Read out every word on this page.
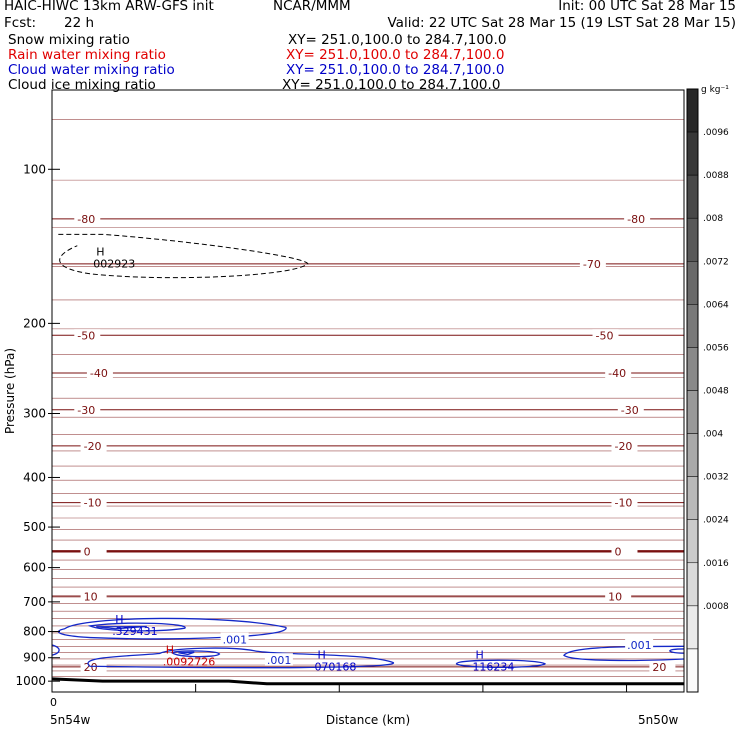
HAIC-HIWC 13km ARW-GFS init	NCAR/MMM	Init: 00 UTC Sat 28 Mar 15
Fcst: 22 h	Valid: 22 UTC Sat 28 Mar 15 (19 LST Sat 28 Mar 15)
Snow mixing ratio	XY= 251.0,100.0 to 284.7,100.0
Rain water mixing ratio	XY= 251.0,100.0 to 284.7,100.0
Cloud water mixing ratio	XY= 251.0,100.0 to 284.7,100.0
Cloud ice mixing ratio	XY= 251.0,100.0 to 284.7,100.0
-80	-80
-70
-50	-50
-40	-40
-30	-30
-20	-20
-10	-10
0	0
10	10
20	20
.001
.001
.001
H
002923
H
.329431
H
.0092726
H
070168
H
116234
100
200
300
400
500
600
700
800
900
1000
0
5n54w	5n50w
Distance (km)
Pressure (hPa)
g kg⁻¹
.0096
.0088
.008
.0072
.0064
.0056
.0048
.004
.0032
.0024
.0016
.0008
